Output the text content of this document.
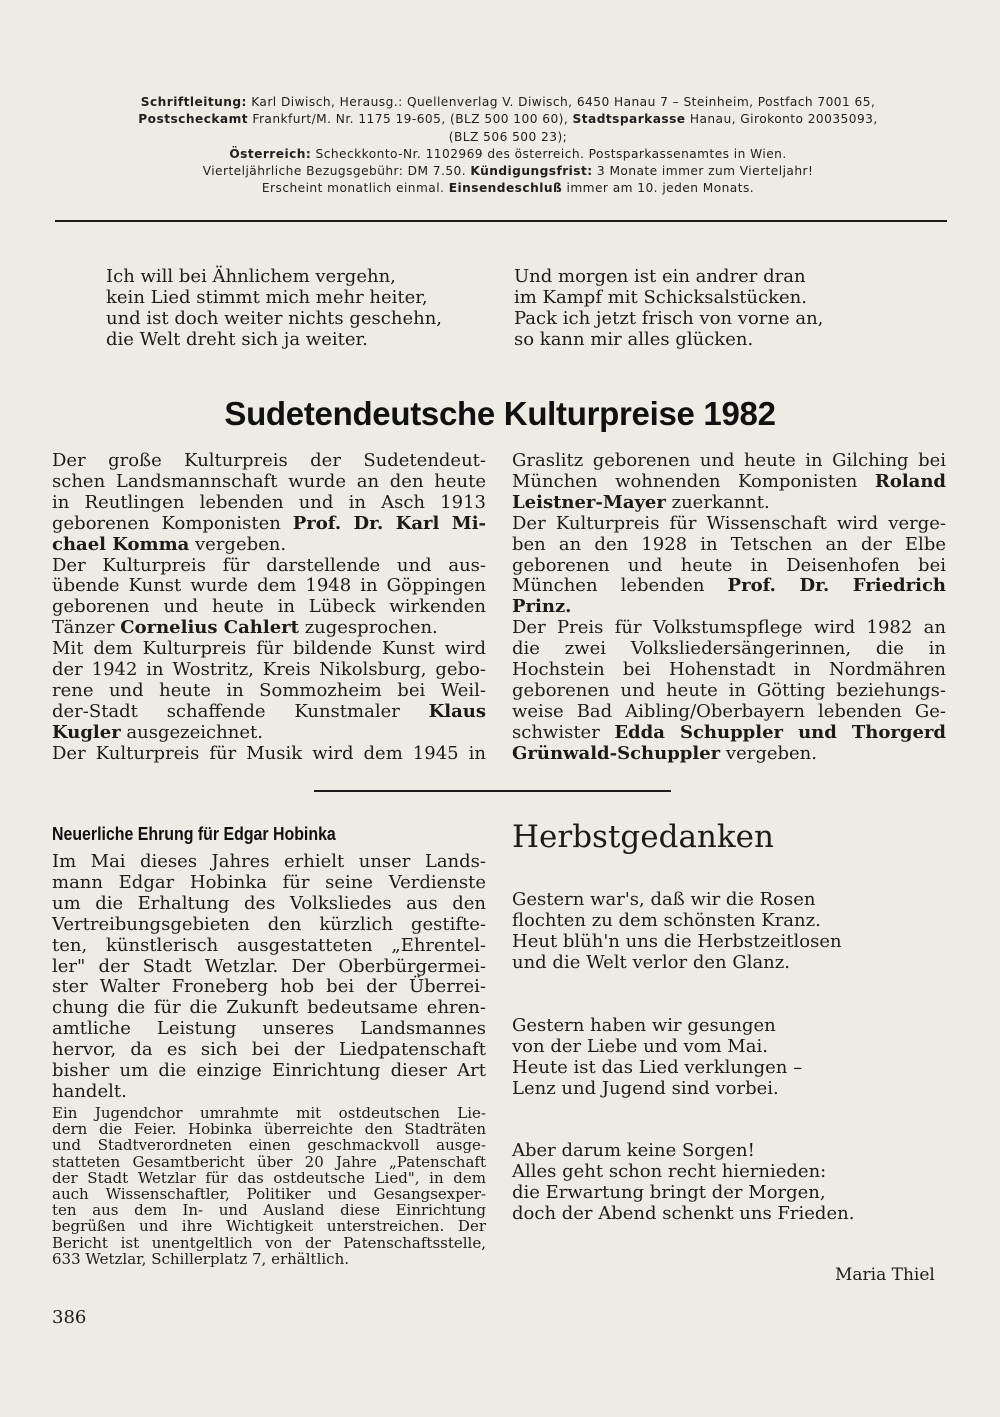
Schriftleitung: Karl Diwisch, Herausg.: Quellenverlag V. Diwisch, 6450 Hanau 7 – Steinheim, Postfach 7001 65,

Postscheckamt Frankfurt/M. Nr. 1175 19-605, (BLZ 500 100 60), Stadtsparkasse Hanau, Girokonto 20035093,

(BLZ 506 500 23);

Österreich: Scheckkonto-Nr. 1102969 des österreich. Postsparkassenamtes in Wien.

Vierteljährliche Bezugsgebühr: DM 7.50. Kündigungsfrist: 3 Monate immer zum Vierteljahr!

Erscheint monatlich einmal. Einsendeschluß immer am 10. jeden Monats.

Ich will bei Ähnlichem vergehn,

kein Lied stimmt mich mehr heiter,

und ist doch weiter nichts geschehn,

die Welt dreht sich ja weiter.

Und morgen ist ein andrer dran

im Kampf mit Schicksalstücken.

Pack ich jetzt frisch von vorne an,

so kann mir alles glücken.

Sudetendeutsche Kulturpreise 1982
Der große Kulturpreis der Sudetendeut-
schen Landsmannschaft wurde an den heute
in Reutlingen lebenden und in Asch 1913
geborenen Komponisten Prof. Dr. Karl Mi-
chael Komma vergeben.
Der Kulturpreis für darstellende und aus-
übende Kunst wurde dem 1948 in Göppingen
geborenen und heute in Lübeck wirkenden
Tänzer Cornelius Cahlert zugesprochen.
Mit dem Kulturpreis für bildende Kunst wird
der 1942 in Wostritz, Kreis Nikolsburg, gebo-
rene und heute in Sommozheim bei Weil-
der-Stadt schaffende Kunstmaler Klaus
Kugler ausgezeichnet.
Der Kulturpreis für Musik wird dem 1945 in
Graslitz geborenen und heute in Gilching bei
München wohnenden Komponisten Roland
Leistner-Mayer zuerkannt.
Der Kulturpreis für Wissenschaft wird verge-
ben an den 1928 in Tetschen an der Elbe
geborenen und heute in Deisenhofen bei
München lebenden Prof. Dr. Friedrich
Prinz.
Der Preis für Volkstumspflege wird 1982 an
die zwei Volksliedersängerinnen, die in
Hochstein bei Hohenstadt in Nordmähren
geborenen und heute in Götting beziehungs-
weise Bad Aibling/Oberbayern lebenden Ge-
schwister Edda Schuppler und Thorgerd
Grünwald-Schuppler vergeben.
Neuerliche Ehrung für Edgar Hobinka
Im Mai dieses Jahres erhielt unser Lands-
mann Edgar Hobinka für seine Verdienste
um die Erhaltung des Volksliedes aus den
Vertreibungsgebieten den kürzlich gestifte-
ten, künstlerisch ausgestatteten „Ehrentel-
ler" der Stadt Wetzlar. Der Oberbürgermei-
ster Walter Froneberg hob bei der Überrei-
chung die für die Zukunft bedeutsame ehren-
amtliche Leistung unseres Landsmannes
hervor, da es sich bei der Liedpatenschaft
bisher um die einzige Einrichtung dieser Art
handelt.
Ein Jugendchor umrahmte mit ostdeutschen Lie-
dern die Feier. Hobinka überreichte den Stadträten
und Stadtverordneten einen geschmackvoll ausge-
statteten Gesamtbericht über 20 Jahre „Patenschaft
der Stadt Wetzlar für das ostdeutsche Lied", in dem
auch Wissenschaftler, Politiker und Gesangsexper-
ten aus dem In- und Ausland diese Einrichtung
begrüßen und ihre Wichtigkeit unterstreichen. Der
Bericht ist unentgeltlich von der Patenschaftsstelle,
633 Wetzlar, Schillerplatz 7, erhältlich.
Herbstgedanken

Gestern war's, daß wir die Rosen

flochten zu dem schönsten Kranz.

Heut blüh'n uns die Herbstzeitlosen

und die Welt verlor den Glanz.

Gestern haben wir gesungen

von der Liebe und vom Mai.

Heute ist das Lied verklungen –

Lenz und Jugend sind vorbei.

Aber darum keine Sorgen!

Alles geht schon recht hiernieden:

die Erwartung bringt der Morgen,

doch der Abend schenkt uns Frieden.

Maria Thiel
386
